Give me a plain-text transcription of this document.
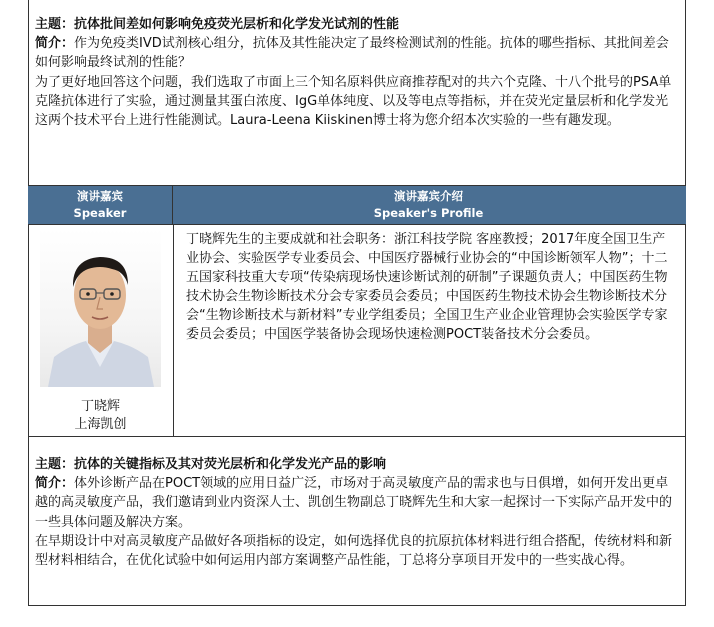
主题：抗体批间差如何影响免疫荧光层析和化学发光试剂的性能

简介：作为免疫类IVD试剂核心组分，抗体及其性能决定了最终检测试剂的性能。抗体的哪些指标、其批间差会如何影响最终试剂的性能？

为了更好地回答这个问题，我们选取了市面上三个知名原料供应商推荐配对的共六个克隆、十八个批号的PSA单克隆抗体进行了实验，通过测量其蛋白浓度、IgG单体纯度、以及等电点等指标，并在荧光定量层析和化学发光这两个技术平台上进行性能测试。Laura-Leena Kiiskinen博士将为您介绍本次实验的一些有趣发现。

演讲嘉宾
Speaker
演讲嘉宾介绍
Speaker's Profile
丁晓辉
上海凯创
丁晓辉先生的主要成就和社会职务：浙江科技学院 客座教授；2017年度全国卫生产业协会、实验医学专业委员会、中国医疗器械行业协会的“中国诊断领军人物”；十二五国家科技重大专项“传染病现场快速诊断试剂的研制”子课题负责人；中国医药生物技术协会生物诊断技术分会专家委员会委员；中国医药生物技术协会生物诊断技术分会“生物诊断技术与新材料”专业学组委员；全国卫生产业企业管理协会实验医学专家委员会委员；中国医学装备协会现场快速检测POCT装备技术分会委员。

主题：抗体的关键指标及其对荧光层析和化学发光产品的影响

简介：体外诊断产品在POCT领域的应用日益广泛，市场对于高灵敏度产品的需求也与日俱增，如何开发出更卓越的高灵敏度产品，我们邀请到业内资深人士、凯创生物副总丁晓辉先生和大家一起探讨一下实际产品开发中的一些具体问题及解决方案。

在早期设计中对高灵敏度产品做好各项指标的设定，如何选择优良的抗原抗体材料进行组合搭配，传统材料和新型材料相结合，在优化试验中如何运用内部方案调整产品性能，丁总将分享项目开发中的一些实战心得。
